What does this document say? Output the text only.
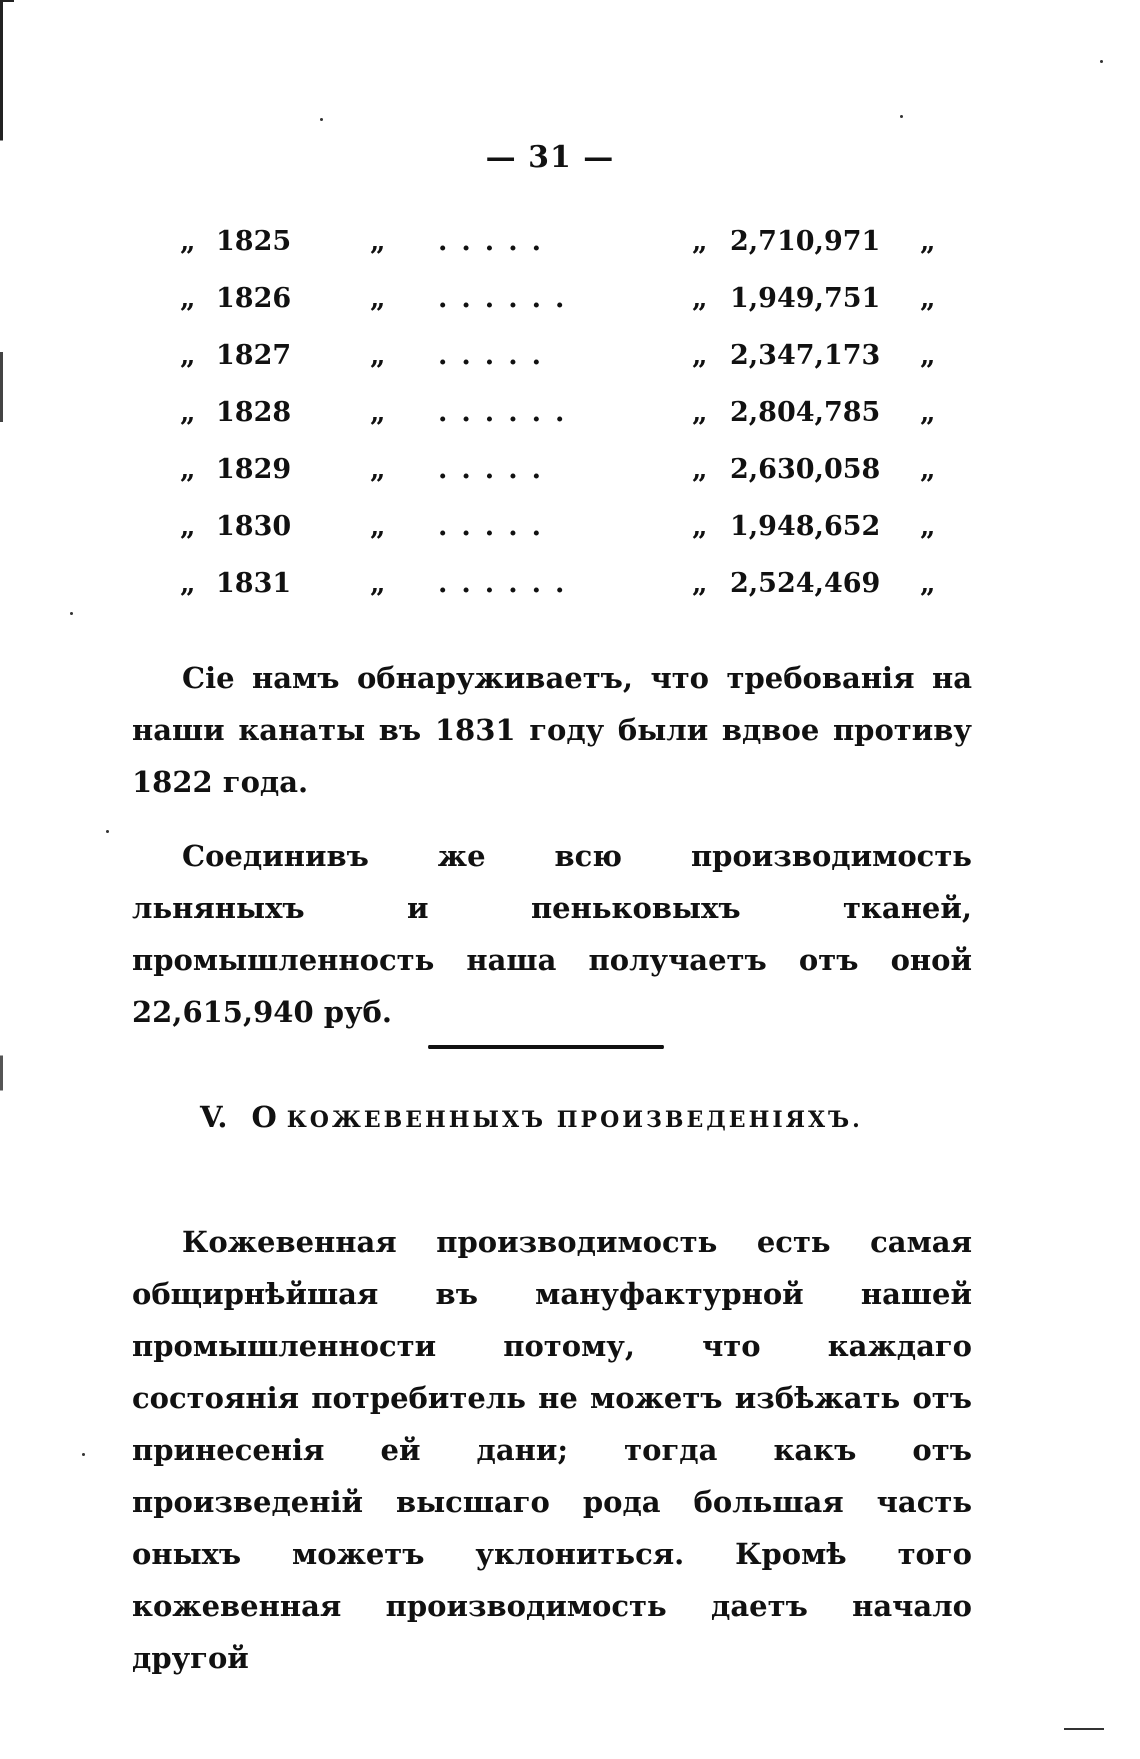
— 31 —
„ 1825	„ .....	„ 2,710,971 „
„ 1826	„ ......	„ 1,949,751 „
„ 1827	„ .....	„ 2,347,173 „
„ 1828	„ ......	„ 2,804,785 „
„ 1829	„ .....	„ 2,630,058 „
„ 1830	„ .....	„ 1,948,652 „
„ 1831	„ ......	„ 2,524,469 „

Сіе намъ обнаруживаетъ, что требованія на наши канаты въ 1831 году были вдвое противу 1822 года.

Соединивъ же всю производимость льняныхъ и пеньковыхъ тканей, промышленность наша получаетъ отъ оной 22,615,940 руб.

V. О КОЖЕВЕННЫХЪ ПРОИЗВЕДЕНІЯХЪ.

Кожевенная производимость есть самая общирнѣйшая въ мануфактурной нашей промышленности потому, что каждаго состоянія потребитель не можетъ избѣжать отъ принесенія ей дани; тогда какъ отъ произведеній высшаго рода большая часть оныхъ можетъ уклониться. Кромѣ того кожевенная производимость даетъ начало другой
